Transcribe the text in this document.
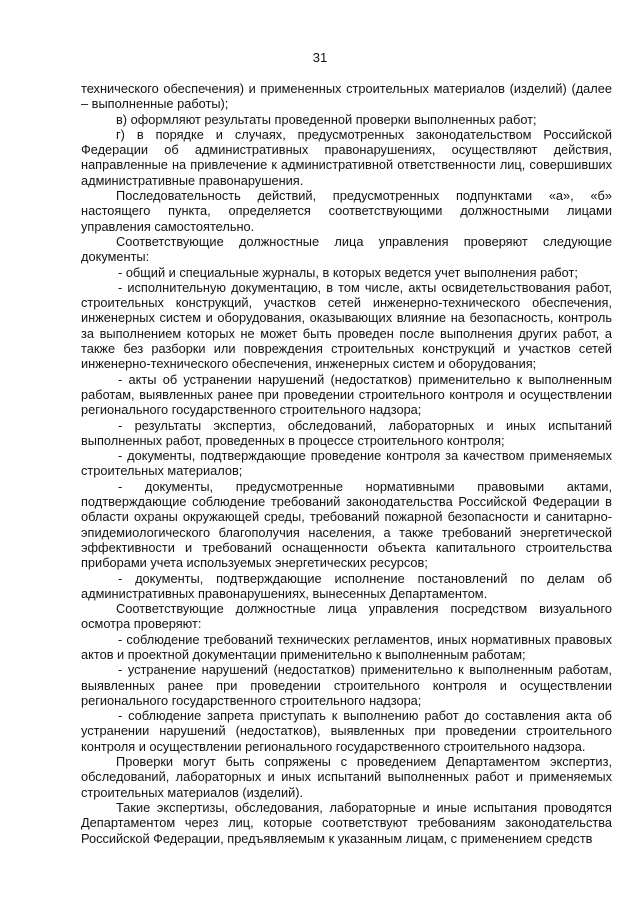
31

технического обеспечения) и примененных строительных материалов (изделий) (далее – выполненные работы);

в) оформляют результаты проведенной проверки выполненных работ;

г) в порядке и случаях, предусмотренных законодательством Российской Федерации об административных правонарушениях, осуществляют действия, направленные на привлечение к административной ответственности лиц, совершивших административные правонарушения.

Последовательность действий, предусмотренных подпунктами «а», «б» настоящего пункта, определяется соответствующими должностными лицами управления самостоятельно.

Соответствующие должностные лица управления проверяют следующие документы:

- общий и специальные журналы, в которых ведется учет выполнения работ;

- исполнительную документацию, в том числе, акты освидетельствования работ, строительных конструкций, участков сетей инженерно-технического обеспечения, инженерных систем и оборудования, оказывающих влияние на безопасность, контроль за выполнением которых не может быть проведен после выполнения других работ, а также без разборки или повреждения строительных конструкций и участков сетей инженерно-технического обеспечения, инженерных систем и оборудования;

- акты об устранении нарушений (недостатков) применительно к выполненным работам, выявленных ранее при проведении строительного контроля и осуществлении регионального государственного строительного надзора;

- результаты экспертиз, обследований, лабораторных и иных испытаний выполненных работ, проведенных в процессе строительного контроля;

- документы, подтверждающие проведение контроля за качеством применяемых строительных материалов;

- документы, предусмотренные нормативными правовыми актами, подтверждающие соблюдение требований законодательства Российской Федерации в области охраны окружающей среды, требований пожарной безопасности и санитарно-эпидемиологического благополучия населения, а также требований энергетической эффективности и требований оснащенности объекта капитального строительства приборами учета используемых энергетических ресурсов;

- документы, подтверждающие исполнение постановлений по делам об административных правонарушениях, вынесенных Департаментом.

Соответствующие должностные лица управления посредством визуального осмотра проверяют:

- соблюдение требований технических регламентов, иных нормативных правовых актов и проектной документации применительно к выполненным работам;

- устранение нарушений (недостатков) применительно к выполненным работам, выявленных ранее при проведении строительного контроля и осуществлении регионального государственного строительного надзора;

- соблюдение запрета приступать к выполнению работ до составления акта об устранении нарушений (недостатков), выявленных при проведении строительного контроля и осуществлении регионального государственного строительного надзора.

Проверки могут быть сопряжены с проведением Департаментом экспертиз, обследований, лабораторных и иных испытаний выполненных работ и применяемых строительных материалов (изделий).

Такие экспертизы, обследования, лабораторные и иные испытания проводятся Департаментом через лиц, которые соответствуют требованиям законодательства Российской Федерации, предъявляемым к указанным лицам, с применением средств
